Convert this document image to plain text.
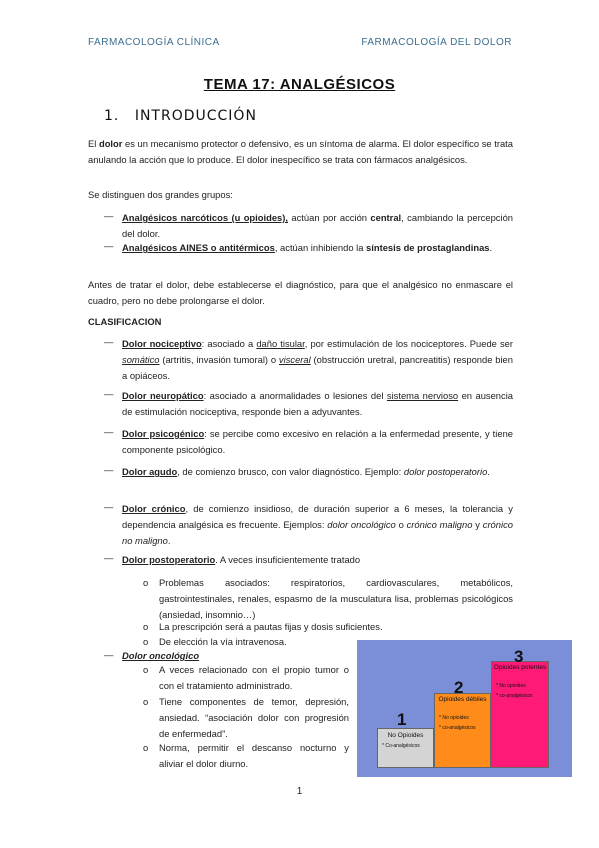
FARMACOLOGÍA CLÍNICA	FARMACOLOGÍA DEL DOLOR
TEMA 17: ANALGÉSICOS
1. INTRODUCCIÓN
El dolor es un mecanismo protector o defensivo, es un síntoma de alarma. El dolor específico se trata anulando la acción que lo produce. El dolor inespecífico se trata con fármacos analgésicos.
Se distinguen dos grandes grupos:
— Analgésicos narcóticos (u opioides), actúan por acción central, cambiando la percepción del dolor.
— Analgésicos AINES o antitérmicos, actúan inhibiendo la síntesis de prostaglandinas.
Antes de tratar el dolor, debe establecerse el diagnóstico, para que el analgésico no enmascare el cuadro, pero no debe prolongarse el dolor.
CLASIFICACION
— Dolor nociceptivo: asociado a daño tisular, por estimulación de los nociceptores. Puede ser somático (artritis, invasión tumoral) o visceral (obstrucción uretral, pancreatitis) responde bien a opiáceos.
— Dolor neuropático: asociado a anormalidades o lesiones del sistema nervioso en ausencia de estimulación nociceptiva, responde bien a adyuvantes.
— Dolor psicogénico: se percibe como excesivo en relación a la enfermedad presente, y tiene componente psicológico.
— Dolor agudo, de comienzo brusco, con valor diagnóstico. Ejemplo: dolor postoperatorio.
— Dolor crónico, de comienzo insidioso, de duración superior a 6 meses, la tolerancia y dependencia analgésica es frecuente. Ejemplos: dolor oncológico o crónico maligno y crónico no maligno.
— Dolor postoperatorio. A veces insuficientemente tratado
o Problemas asociados: respiratorios, cardiovasculares, metabólicos, gastrointestinales, renales, espasmo de la musculatura lisa, problemas psicológicos (ansiedad, insomnio…)
o La prescripción será a pautas fijas y dosis suficientes.
o De elección la vía intravenosa.
— Dolor oncológico
o A veces relacionado con el propio tumor o con el tratamiento administrado.
o Tiene componentes de temor, depresión, ansiedad. “asociación dolor con progresión de enfermedad”.
o Norma, permitir el descanso nocturno y aliviar el dolor diurno.
No Opioides
* Co-analgésicos
1
Opioides débiles
* No opioides
* co-analgésicos
2
Opioides potentes
* No opioides
* co-analgésicos
3
1
